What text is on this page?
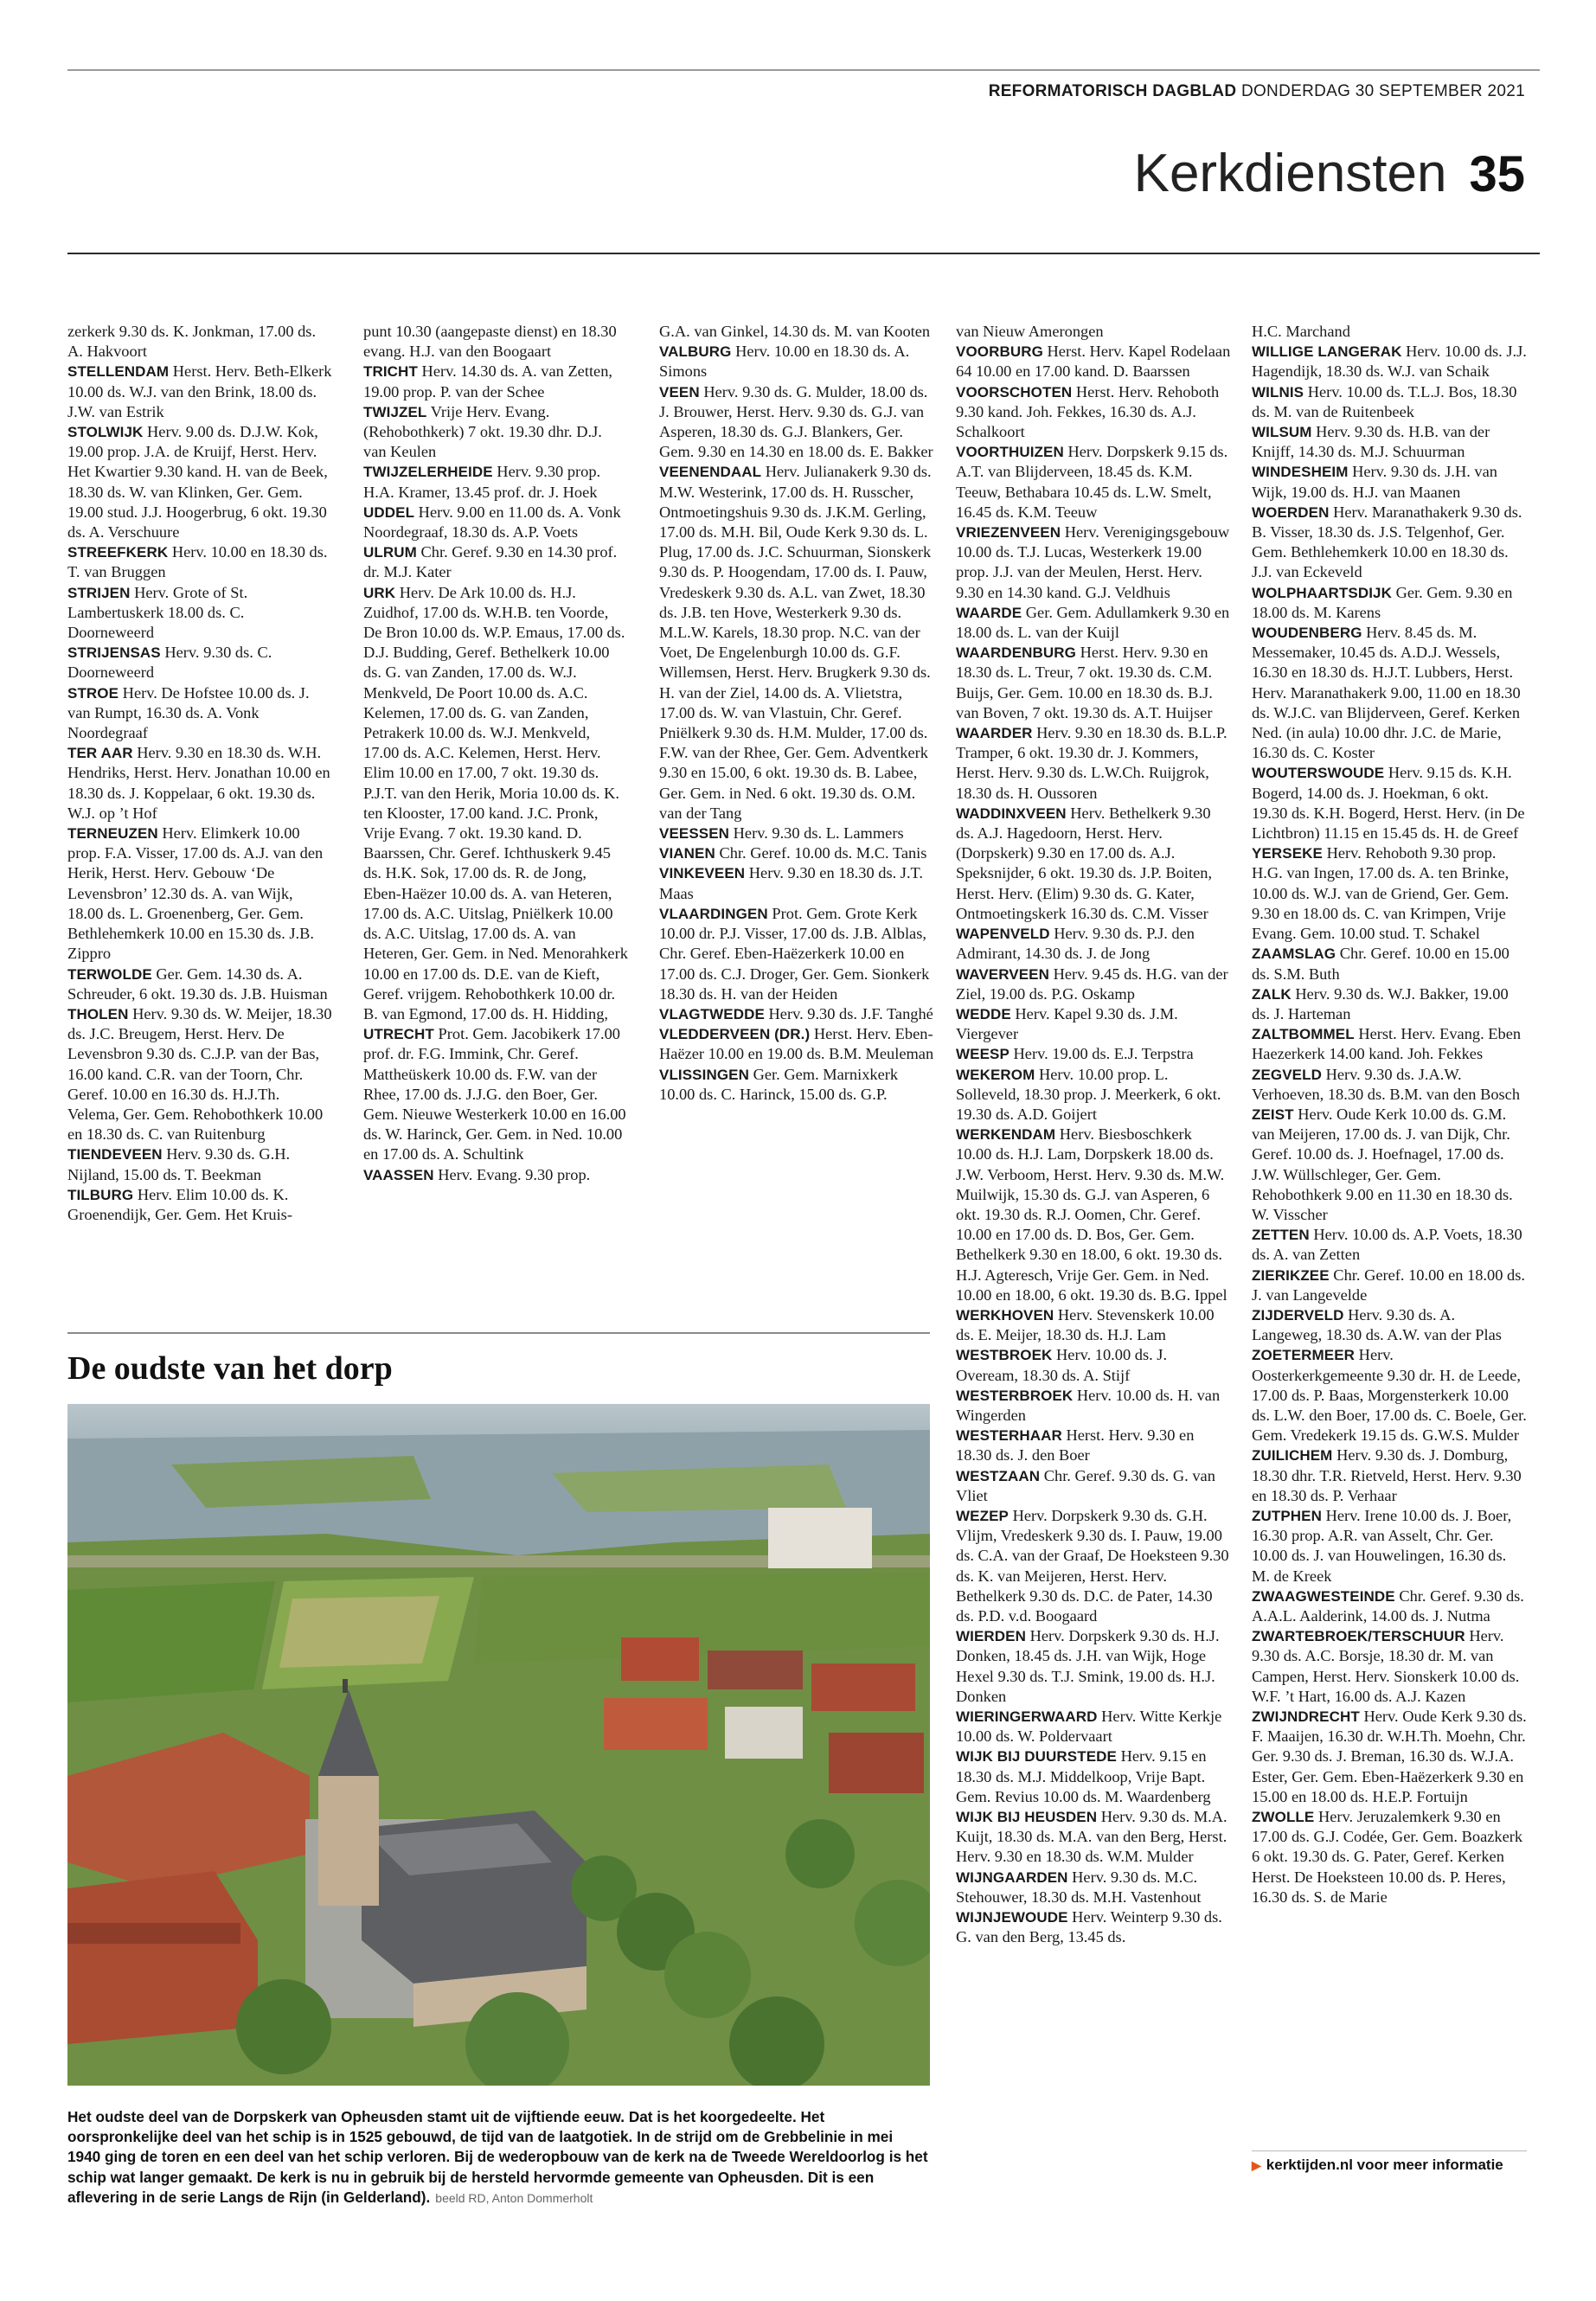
REFORMATORISCH DAGBLAD DONDERDAG 30 SEPTEMBER 2021
Kerkdiensten 35

zerkerk 9.30 ds. K. Jonkman, 17.00 ds. A. Hakvoort

STELLENDAM Herst. Herv. Beth-Elkerk 10.00 ds. W.J. van den Brink, 18.00 ds. J.W. van Estrik

STOLWIJK Herv. 9.00 ds. D.J.W. Kok, 19.00 prop. J.A. de Kruijf, Herst. Herv. Het Kwartier 9.30 kand. H. van de Beek, 18.30 ds. W. van Klinken, Ger. Gem. 19.00 stud. J.J. Hoogerbrug, 6 okt. 19.30 ds. A. Verschuure

STREEFKERK Herv. 10.00 en 18.30 ds. T. van Bruggen

STRIJEN Herv. Grote of St. Lambertuskerk 18.00 ds. C. Doorneweerd

STRIJENSAS Herv. 9.30 ds. C. Doorneweerd

STROE Herv. De Hofstee 10.00 ds. J. van Rumpt, 16.30 ds. A. Vonk Noordegraaf

TER AAR Herv. 9.30 en 18.30 ds. W.H. Hendriks, Herst. Herv. Jonathan 10.00 en 18.30 ds. J. Koppelaar, 6 okt. 19.30 ds. W.J. op ’t Hof

TERNEUZEN Herv. Elimkerk 10.00 prop. F.A. Visser, 17.00 ds. A.J. van den Herik, Herst. Herv. Gebouw ‘De Levensbron’ 12.30 ds. A. van Wijk, 18.00 ds. L. Groenenberg, Ger. Gem. Bethlehemkerk 10.00 en 15.30 ds. J.B. Zippro

TERWOLDE Ger. Gem. 14.30 ds. A. Schreuder, 6 okt. 19.30 ds. J.B. Huisman

THOLEN Herv. 9.30 ds. W. Meijer, 18.30 ds. J.C. Breugem, Herst. Herv. De Levensbron 9.30 ds. C.J.P. van der Bas, 16.00 kand. C.R. van der Toorn, Chr. Geref. 10.00 en 16.30 ds. H.J.Th. Velema, Ger. Gem. Rehobothkerk 10.00 en 18.30 ds. C. van Ruitenburg

TIENDEVEEN Herv. 9.30 ds. G.H. Nijland, 15.00 ds. T. Beekman

TILBURG Herv. Elim 10.00 ds. K. Groenendijk, Ger. Gem. Het Kruis-

punt 10.30 (aangepaste dienst) en 18.30 evang. H.J. van den Boogaart

TRICHT Herv. 14.30 ds. A. van Zetten, 19.00 prop. P. van der Schee

TWIJZEL Vrije Herv. Evang. (Rehobothkerk) 7 okt. 19.30 dhr. D.J. van Keulen

TWIJZELERHEIDE Herv. 9.30 prop. H.A. Kramer, 13.45 prof. dr. J. Hoek

UDDEL Herv. 9.00 en 11.00 ds. A. Vonk Noordegraaf, 18.30 ds. A.P. Voets

ULRUM Chr. Geref. 9.30 en 14.30 prof. dr. M.J. Kater

URK Herv. De Ark 10.00 ds. H.J. Zuidhof, 17.00 ds. W.H.B. ten Voorde, De Bron 10.00 ds. W.P. Emaus, 17.00 ds. D.J. Budding, Geref. Bethelkerk 10.00 ds. G. van Zanden, 17.00 ds. W.J. Menkveld, De Poort 10.00 ds. A.C. Kelemen, 17.00 ds. G. van Zanden, Petrakerk 10.00 ds. W.J. Menkveld, 17.00 ds. A.C. Kelemen, Herst. Herv. Elim 10.00 en 17.00, 7 okt. 19.30 ds. P.J.T. van den Herik, Moria 10.00 ds. K. ten Klooster, 17.00 kand. J.C. Pronk, Vrije Evang. 7 okt. 19.30 kand. D. Baarssen, Chr. Geref. Ichthuskerk 9.45 ds. H.K. Sok, 17.00 ds. R. de Jong, Eben-Haëzer 10.00 ds. A. van Heteren, 17.00 ds. A.C. Uitslag, Pniëlkerk 10.00 ds. A.C. Uitslag, 17.00 ds. A. van Heteren, Ger. Gem. in Ned. Menorahkerk 10.00 en 17.00 ds. D.E. van de Kieft, Geref. vrijgem. Rehobothkerk 10.00 dr. B. van Egmond, 17.00 ds. H. Hidding,

UTRECHT Prot. Gem. Jacobikerk 17.00 prof. dr. F.G. Immink, Chr. Geref. Mattheüskerk 10.00 ds. F.W. van der Rhee, 17.00 ds. J.J.G. den Boer, Ger. Gem. Nieuwe Westerkerk 10.00 en 16.00 ds. W. Harinck, Ger. Gem. in Ned. 10.00 en 17.00 ds. A. Schultink

VAASSEN Herv. Evang. 9.30 prop.

G.A. van Ginkel, 14.30 ds. M. van Kooten

VALBURG Herv. 10.00 en 18.30 ds. A. Simons

VEEN Herv. 9.30 ds. G. Mulder, 18.00 ds. J. Brouwer, Herst. Herv. 9.30 ds. G.J. van Asperen, 18.30 ds. G.J. Blankers, Ger. Gem. 9.30 en 14.30 en 18.00 ds. E. Bakker

VEENENDAAL Herv. Julianakerk 9.30 ds. M.W. Westerink, 17.00 ds. H. Russcher, Ontmoetingshuis 9.30 ds. J.K.M. Gerling, 17.00 ds. M.H. Bil, Oude Kerk 9.30 ds. L. Plug, 17.00 ds. J.C. Schuurman, Sionskerk 9.30 ds. P. Hoogendam, 17.00 ds. I. Pauw, Vredeskerk 9.30 ds. A.L. van Zwet, 18.30 ds. J.B. ten Hove, Westerkerk 9.30 ds. M.L.W. Karels, 18.30 prop. N.C. van der Voet, De Engelenburgh 10.00 ds. G.F. Willemsen, Herst. Herv. Brugkerk 9.30 ds. H. van der Ziel, 14.00 ds. A. Vlietstra, 17.00 ds. W. van Vlastuin, Chr. Geref. Pniëlkerk 9.30 ds. H.M. Mulder, 17.00 ds. F.W. van der Rhee, Ger. Gem. Adventkerk 9.30 en 15.00, 6 okt. 19.30 ds. B. Labee, Ger. Gem. in Ned. 6 okt. 19.30 ds. O.M. van der Tang

VEESSEN Herv. 9.30 ds. L. Lammers

VIANEN Chr. Geref. 10.00 ds. M.C. Tanis

VINKEVEEN Herv. 9.30 en 18.30 ds. J.T. Maas

VLAARDINGEN Prot. Gem. Grote Kerk 10.00 dr. P.J. Visser, 17.00 ds. J.B. Alblas, Chr. Geref. Eben-Haëzerkerk 10.00 en 17.00 ds. C.J. Droger, Ger. Gem. Sionkerk 18.30 ds. H. van der Heiden

VLAGTWEDDE Herv. 9.30 ds. J.F. Tanghé

VLEDDERVEEN (DR.) Herst. Herv. Eben-Haëzer 10.00 en 19.00 ds. B.M. Meuleman

VLISSINGEN Ger. Gem. Marnixkerk 10.00 ds. C. Harinck, 15.00 ds. G.P.

van Nieuw Amerongen

VOORBURG Herst. Herv. Kapel Rodelaan 64 10.00 en 17.00 kand. D. Baarssen

VOORSCHOTEN Herst. Herv. Rehoboth 9.30 kand. Joh. Fekkes, 16.30 ds. A.J. Schalkoort

VOORTHUIZEN Herv. Dorpskerk 9.15 ds. A.T. van Blijderveen, 18.45 ds. K.M. Teeuw, Bethabara 10.45 ds. L.W. Smelt, 16.45 ds. K.M. Teeuw

VRIEZENVEEN Herv. Verenigingsgebouw 10.00 ds. T.J. Lucas, Westerkerk 19.00 prop. J.J. van der Meulen, Herst. Herv. 9.30 en 14.30 kand. G.J. Veldhuis

WAARDE Ger. Gem. Adullamkerk 9.30 en 18.00 ds. L. van der Kuijl

WAARDENBURG Herst. Herv. 9.30 en 18.30 ds. L. Treur, 7 okt. 19.30 ds. C.M. Buijs, Ger. Gem. 10.00 en 18.30 ds. B.J. van Boven, 7 okt. 19.30 ds. A.T. Huijser

WAARDER Herv. 9.30 en 18.30 ds. B.L.P. Tramper, 6 okt. 19.30 dr. J. Kommers, Herst. Herv. 9.30 ds. L.W.Ch. Ruijgrok, 18.30 ds. H. Oussoren

WADDINXVEEN Herv. Bethelkerk 9.30 ds. A.J. Hagedoorn, Herst. Herv. (Dorpskerk) 9.30 en 17.00 ds. A.J. Speksnijder, 6 okt. 19.30 ds. J.P. Boiten, Herst. Herv. (Elim) 9.30 ds. G. Kater, Ontmoetingskerk 16.30 ds. C.M. Visser

WAPENVELD Herv. 9.30 ds. P.J. den Admirant, 14.30 ds. J. de Jong

WAVERVEEN Herv. 9.45 ds. H.G. van der Ziel, 19.00 ds. P.G. Oskamp

WEDDE Herv. Kapel 9.30 ds. J.M. Viergever

WEESP Herv. 19.00 ds. E.J. Terpstra

WEKEROM Herv. 10.00 prop. L. Solleveld, 18.30 prop. J. Meerkerk, 6 okt. 19.30 ds. A.D. Goijert

WERKENDAM Herv. Biesboschkerk 10.00 ds. H.J. Lam, Dorpskerk 18.00 ds. J.W. Verboom, Herst. Herv. 9.30 ds. M.W. Muilwijk, 15.30 ds. G.J. van Asperen, 6 okt. 19.30 ds. R.J. Oomen, Chr. Geref. 10.00 en 17.00 ds. D. Bos, Ger. Gem. Bethelkerk 9.30 en 18.00, 6 okt. 19.30 ds. H.J. Agteresch, Vrije Ger. Gem. in Ned. 10.00 en 18.00, 6 okt. 19.30 ds. B.G. Ippel

WERKHOVEN Herv. Stevenskerk 10.00 ds. E. Meijer, 18.30 ds. H.J. Lam

WESTBROEK Herv. 10.00 ds. J. Oveream, 18.30 ds. A. Stijf

WESTERBROEK Herv. 10.00 ds. H. van Wingerden

WESTERHAAR Herst. Herv. 9.30 en 18.30 ds. J. den Boer

WESTZAAN Chr. Geref. 9.30 ds. G. van Vliet

WEZEP Herv. Dorpskerk 9.30 ds. G.H. Vlijm, Vredeskerk 9.30 ds. I. Pauw, 19.00 ds. C.A. van der Graaf, De Hoeksteen 9.30 ds. K. van Meijeren, Herst. Herv. Bethelkerk 9.30 ds. D.C. de Pater, 14.30 ds. P.D. v.d. Boogaard

WIERDEN Herv. Dorpskerk 9.30 ds. H.J. Donken, 18.45 ds. J.H. van Wijk, Hoge Hexel 9.30 ds. T.J. Smink, 19.00 ds. H.J. Donken

WIERINGERWAARD Herv. Witte Kerkje 10.00 ds. W. Poldervaart

WIJK BIJ DUURSTEDE Herv. 9.15 en 18.30 ds. M.J. Middelkoop, Vrije Bapt. Gem. Revius 10.00 ds. M. Waardenberg

WIJK BIJ HEUSDEN Herv. 9.30 ds. M.A. Kuijt, 18.30 ds. M.A. van den Berg, Herst. Herv. 9.30 en 18.30 ds. W.M. Mulder

WIJNGAARDEN Herv. 9.30 ds. M.C. Stehouwer, 18.30 ds. M.H. Vastenhout

WIJNJEWOUDE Herv. Weinterp 9.30 ds. G. van den Berg, 13.45 ds.

H.C. Marchand

WILLIGE LANGERAK Herv. 10.00 ds. J.J. Hagendijk, 18.30 ds. W.J. van Schaik

WILNIS Herv. 10.00 ds. T.L.J. Bos, 18.30 ds. M. van de Ruitenbeek

WILSUM Herv. 9.30 ds. H.B. van der Knijff, 14.30 ds. M.J. Schuurman

WINDESHEIM Herv. 9.30 ds. J.H. van Wijk, 19.00 ds. H.J. van Maanen

WOERDEN Herv. Maranathakerk 9.30 ds. B. Visser, 18.30 ds. J.S. Telgenhof, Ger. Gem. Bethlehemkerk 10.00 en 18.30 ds. J.J. van Eckeveld

WOLPHAARTSDIJK Ger. Gem. 9.30 en 18.00 ds. M. Karens

WOUDENBERG Herv. 8.45 ds. M. Messemaker, 10.45 ds. A.D.J. Wessels, 16.30 en 18.30 ds. H.J.T. Lubbers, Herst. Herv. Maranathakerk 9.00, 11.00 en 18.30 ds. W.J.C. van Blijderveen, Geref. Kerken Ned. (in aula) 10.00 dhr. J.C. de Marie, 16.30 ds. C. Koster

WOUTERSWOUDE Herv. 9.15 ds. K.H. Bogerd, 14.00 ds. J. Hoekman, 6 okt. 19.30 ds. K.H. Bogerd, Herst. Herv. (in De Lichtbron) 11.15 en 15.45 ds. H. de Greef

YERSEKE Herv. Rehoboth 9.30 prop. H.G. van Ingen, 17.00 ds. A. ten Brinke, 10.00 ds. W.J. van de Griend, Ger. Gem. 9.30 en 18.00 ds. C. van Krimpen, Vrije Evang. Gem. 10.00 stud. T. Schakel

ZAAMSLAG Chr. Geref. 10.00 en 15.00 ds. S.M. Buth

ZALK Herv. 9.30 ds. W.J. Bakker, 19.00 ds. J. Harteman

ZALTBOMMEL Herst. Herv. Evang. Eben Haezerkerk 14.00 kand. Joh. Fekkes

ZEGVELD Herv. 9.30 ds. J.A.W. Verhoeven, 18.30 ds. B.M. van den Bosch

ZEIST Herv. Oude Kerk 10.00 ds. G.M. van Meijeren, 17.00 ds. J. van Dijk, Chr. Geref. 10.00 ds. J. Hoefnagel, 17.00 ds. J.W. Wüllschleger, Ger. Gem. Rehobothkerk 9.00 en 11.30 en 18.30 ds. W. Visscher

ZETTEN Herv. 10.00 ds. A.P. Voets, 18.30 ds. A. van Zetten

ZIERIKZEE Chr. Geref. 10.00 en 18.00 ds. J. van Langevelde

ZIJDERVELD Herv. 9.30 ds. A. Langeweg, 18.30 ds. A.W. van der Plas

ZOETERMEER Herv. Oosterkerkgemeente 9.30 dr. H. de Leede, 17.00 ds. P. Baas, Morgensterkerk 10.00 ds. L.W. den Boer, 17.00 ds. C. Boele, Ger. Gem. Vredekerk 19.15 ds. G.W.S. Mulder

ZUILICHEM Herv. 9.30 ds. J. Domburg, 18.30 dhr. T.R. Rietveld, Herst. Herv. 9.30 en 18.30 ds. P. Verhaar

ZUTPHEN Herv. Irene 10.00 ds. J. Boer, 16.30 prop. A.R. van Asselt, Chr. Ger. 10.00 ds. J. van Houwelingen, 16.30 ds. M. de Kreek

ZWAAGWESTEINDE Chr. Geref. 9.30 ds. A.A.L. Aalderink, 14.00 ds. J. Nutma

ZWARTEBROEK/TERSCHUUR Herv. 9.30 ds. A.C. Borsje, 18.30 dr. M. van Campen, Herst. Herv. Sionskerk 10.00 ds. W.F. ’t Hart, 16.00 ds. A.J. Kazen

ZWIJNDRECHT Herv. Oude Kerk 9.30 ds. F. Maaijen, 16.30 dr. W.H.Th. Moehn, Chr. Ger. 9.30 ds. J. Breman, 16.30 ds. W.J.A. Ester, Ger. Gem. Eben-Haëzerkerk 9.30 en 15.00 en 18.00 ds. H.E.P. Fortuijn

ZWOLLE Herv. Jeruzalemkerk 9.30 en 17.00 ds. G.J. Codée, Ger. Gem. Boazkerk 6 okt. 19.30 ds. G. Pater, Geref. Kerken Herst. De Hoeksteen 10.00 ds. P. Heres, 16.30 ds. S. de Marie

De oudste van het dorp

Het oudste deel van de Dorpskerk van Opheusden stamt uit de vijftiende eeuw. Dat is het koorgedeelte. Het oorspronkelijke deel van het schip is in 1525 gebouwd, de tijd van de laatgotiek. In de strijd om de Grebbelinie in mei 1940 ging de toren en een deel van het schip verloren. Bij de wederopbouw van de kerk na de Tweede Wereldoorlog is het schip wat langer gemaakt. De kerk is nu in gebruik bij de hersteld hervormde gemeente van Opheusden. Dit is een aflevering in de serie Langs de Rijn (in Gelderland). beeld RD, Anton Dommerholt

▶ kerktijden.nl voor meer informatie
